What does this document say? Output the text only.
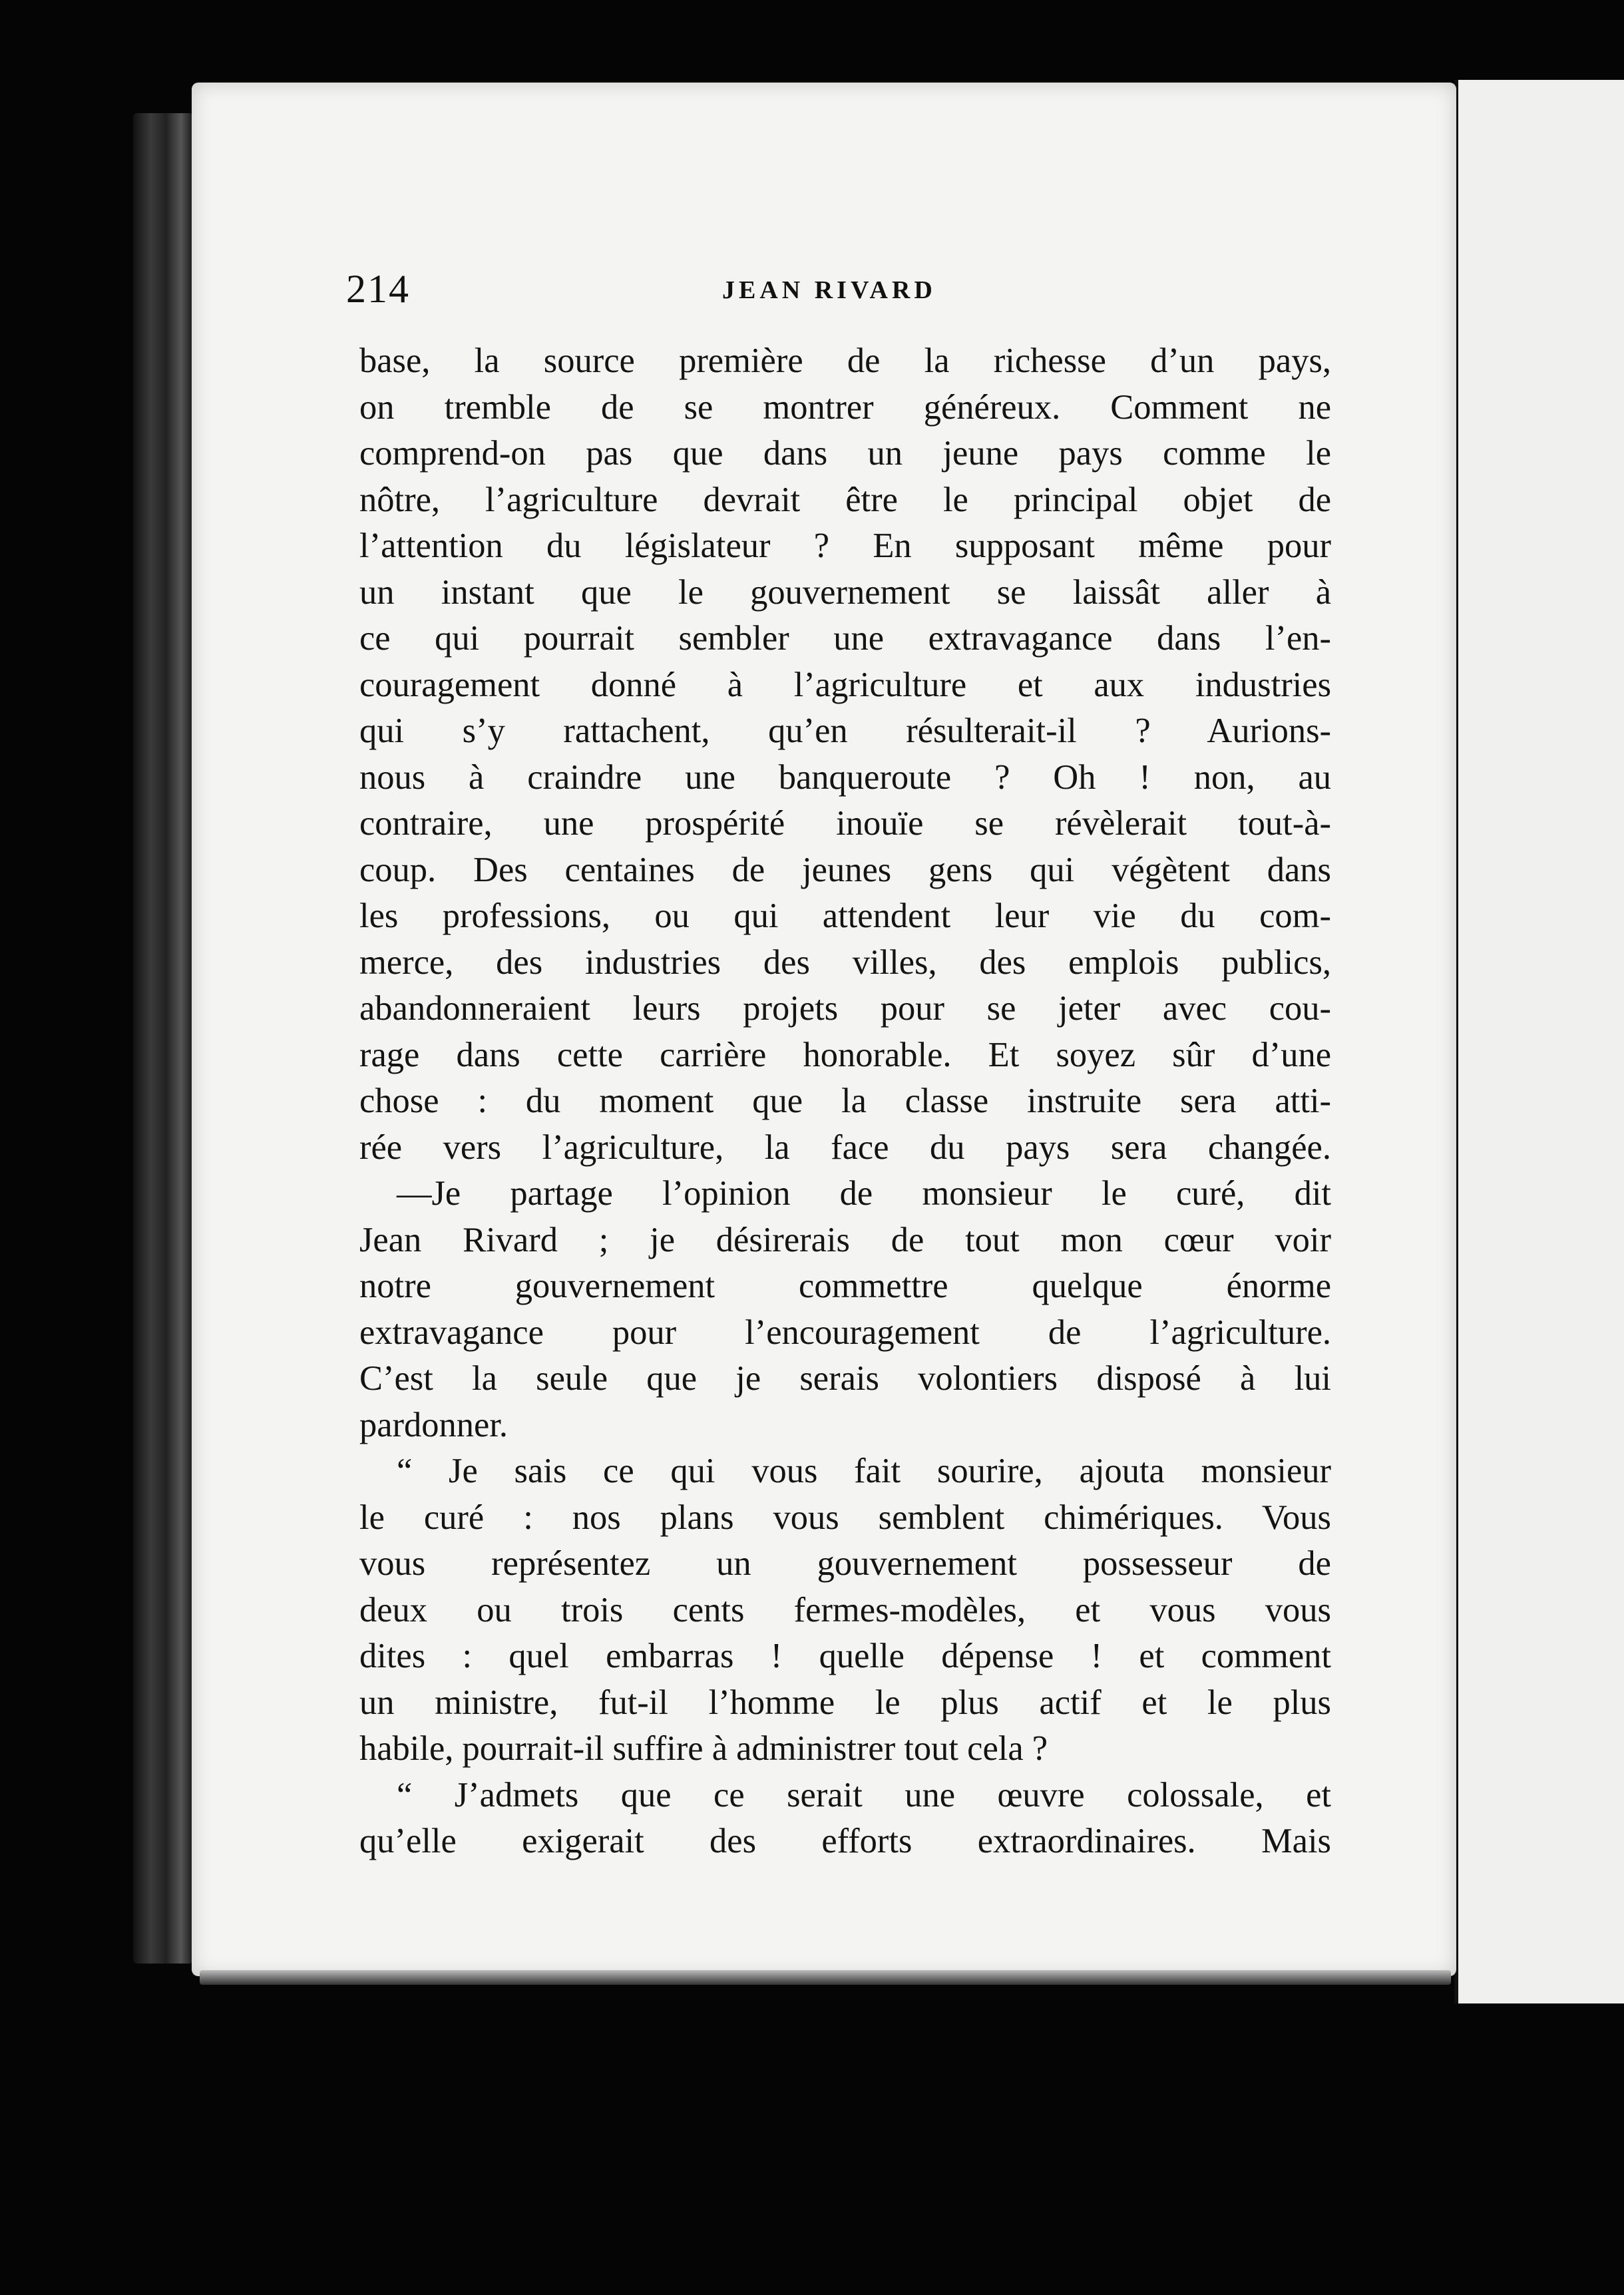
214	JEAN RIVARD
base, la source première de la richesse d’un pays,
on tremble de se montrer généreux. Comment ne
comprend-on pas que dans un jeune pays comme le
nôtre, l’agriculture devrait être le principal objet de
l’attention du législateur ? En supposant même pour
un instant que le gouvernement se laissât aller à
ce qui pourrait sembler une extravagance dans l’en-
couragement donné à l’agriculture et aux industries
qui s’y rattachent, qu’en résulterait-il ? Aurions-
nous à craindre une banqueroute ? Oh ! non, au
contraire, une prospérité inouïe se révèlerait tout-à-
coup. Des centaines de jeunes gens qui végètent dans
les professions, ou qui attendent leur vie du com-
merce, des industries des villes, des emplois publics,
abandonneraient leurs projets pour se jeter avec cou-
rage dans cette carrière honorable. Et soyez sûr d’une
chose : du moment que la classe instruite sera atti-
rée vers l’agriculture, la face du pays sera changée.
—Je partage l’opinion de monsieur le curé, dit
Jean Rivard ; je désirerais de tout mon cœur voir
notre gouvernement commettre quelque énorme
extravagance pour l’encouragement de l’agriculture.
C’est la seule que je serais volontiers disposé à lui
pardonner.
“ Je sais ce qui vous fait sourire, ajouta monsieur
le curé : nos plans vous semblent chimériques. Vous
vous représentez un gouvernement possesseur de
deux ou trois cents fermes-modèles, et vous vous
dites : quel embarras ! quelle dépense ! et comment
un ministre, fut-il l’homme le plus actif et le plus
habile, pourrait-il suffire à administrer tout cela ?
“ J’admets que ce serait une œuvre colossale, et
qu’elle exigerait des efforts extraordinaires. Mais
